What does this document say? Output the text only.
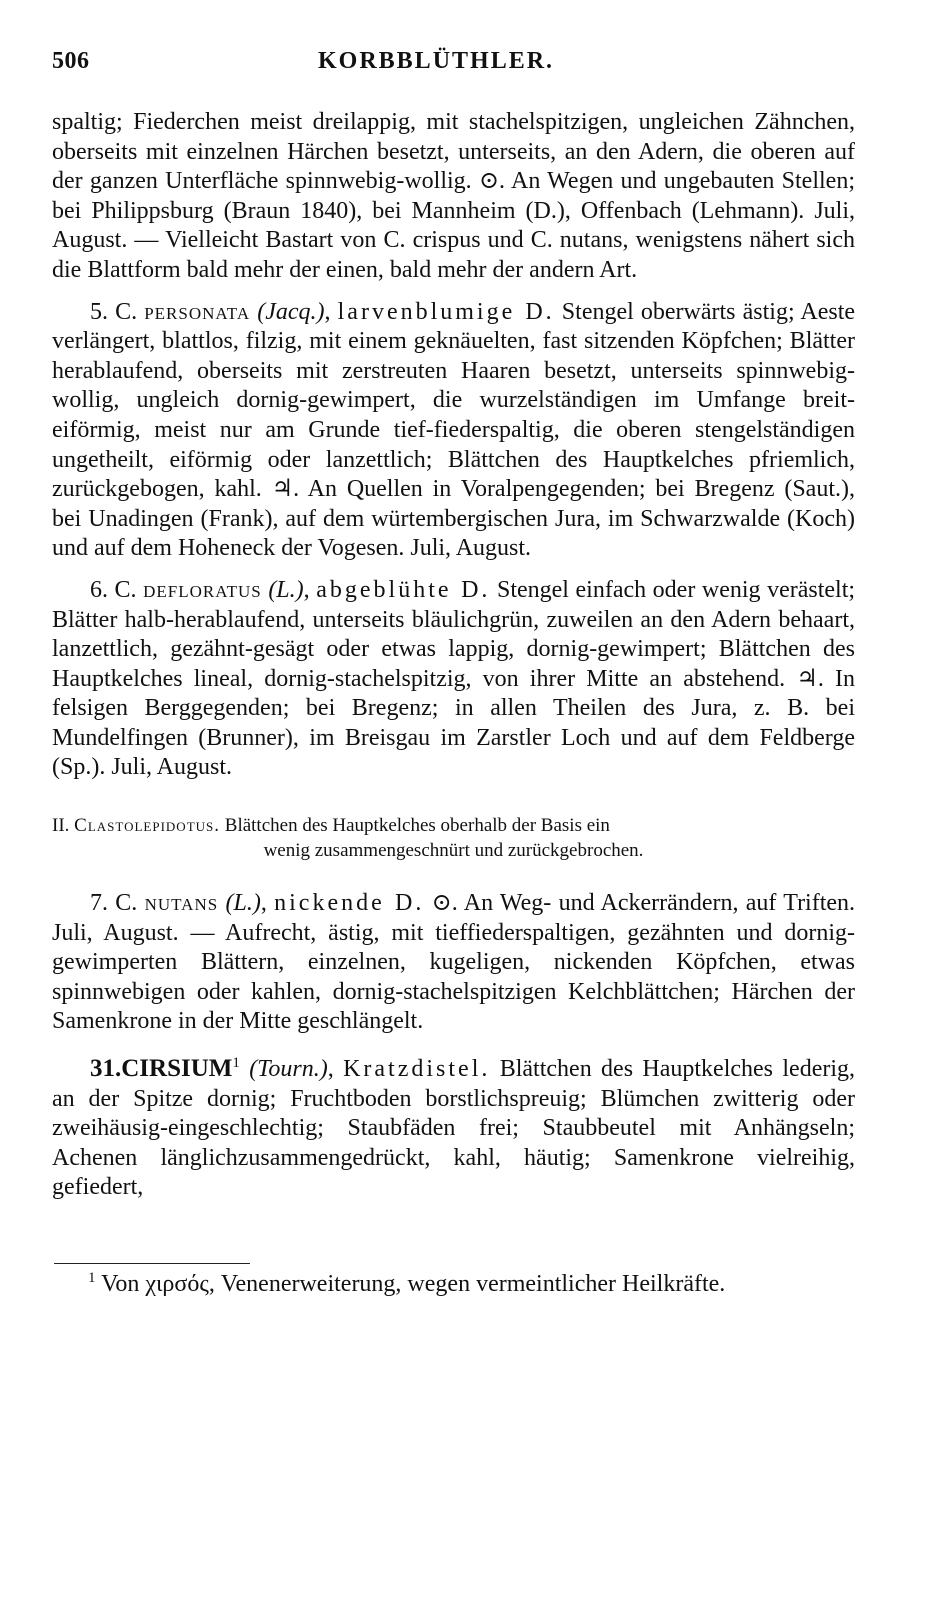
506	KORBBLÜTHLER.

spaltig; Fiederchen meist dreilappig, mit stachelspitzigen, ungleichen Zähnchen, oberseits mit einzelnen Härchen besetzt, unterseits, an den Adern, die oberen auf der ganzen Unterfläche spinnwebig-wollig. ⊙. An Wegen und ungebauten Stellen; bei Philippsburg (Braun 1840), bei Mannheim (D.), Offenbach (Lehmann). Juli, August. — Vielleicht Bastart von C. crispus und C. nutans, wenigstens nähert sich die Blattform bald mehr der einen, bald mehr der andern Art.

5. C. personata (Jacq.), larvenblumige D. Stengel oberwärts ästig; Aeste verlängert, blattlos, filzig, mit einem geknäuelten, fast sitzenden Köpfchen; Blätter herablaufend, oberseits mit zerstreuten Haaren besetzt, unterseits spinnwebig-wollig, ungleich dornig-gewimpert, die wurzelständigen im Umfange breit-eiförmig, meist nur am Grunde tief-fiederspaltig, die oberen stengelständigen ungetheilt, eiförmig oder lanzettlich; Blättchen des Hauptkelches pfriemlich, zurückgebogen, kahl. ♃. An Quellen in Voralpengegenden; bei Bregenz (Saut.), bei Unadingen (Frank), auf dem würtembergischen Jura, im Schwarzwalde (Koch) und auf dem Hoheneck der Vogesen. Juli, August.

6. C. defloratus (L.), abgeblühte D. Stengel einfach oder wenig verästelt; Blätter halb-herablaufend, unterseits bläulichgrün, zuweilen an den Adern behaart, lanzettlich, gezähnt-gesägt oder etwas lappig, dornig-gewimpert; Blättchen des Hauptkelches lineal, dornig-stachelspitzig, von ihrer Mitte an abstehend. ♃. In felsigen Berggegenden; bei Bregenz; in allen Theilen des Jura, z. B. bei Mundelfingen (Brunner), im Breisgau im Zarstler Loch und auf dem Feldberge (Sp.). Juli, August.

II. Clastolepidotus. Blättchen des Hauptkelches oberhalb der Basis ein
wenig zusammengeschnürt und zurückgebrochen.

7. C. nutans (L.), nickende D. ⊙. An Weg- und Ackerrändern, auf Triften. Juli, August. — Aufrecht, ästig, mit tieffiederspaltigen, gezähnten und dornig-gewimperten Blättern, einzelnen, kugeligen, nickenden Köpfchen, etwas spinnwebigen oder kahlen, dornig-stachelspitzigen Kelchblättchen; Härchen der Samenkrone in der Mitte geschlängelt.

31.CIRSIUM$^1$ (Tourn.), Kratzdistel. Blättchen des Hauptkelches lederig, an der Spitze dornig; Fruchtboden borstlichspreuig; Blümchen zwitterig oder zweihäusig-eingeschlechtig; Staubfäden frei; Staubbeutel mit Anhängseln; Achenen länglichzusammengedrückt, kahl, häutig; Samenkrone vielreihig, gefiedert,

$^1$ Von χιρσός, Venenerweiterung, wegen vermeintlicher Heilkräfte.
